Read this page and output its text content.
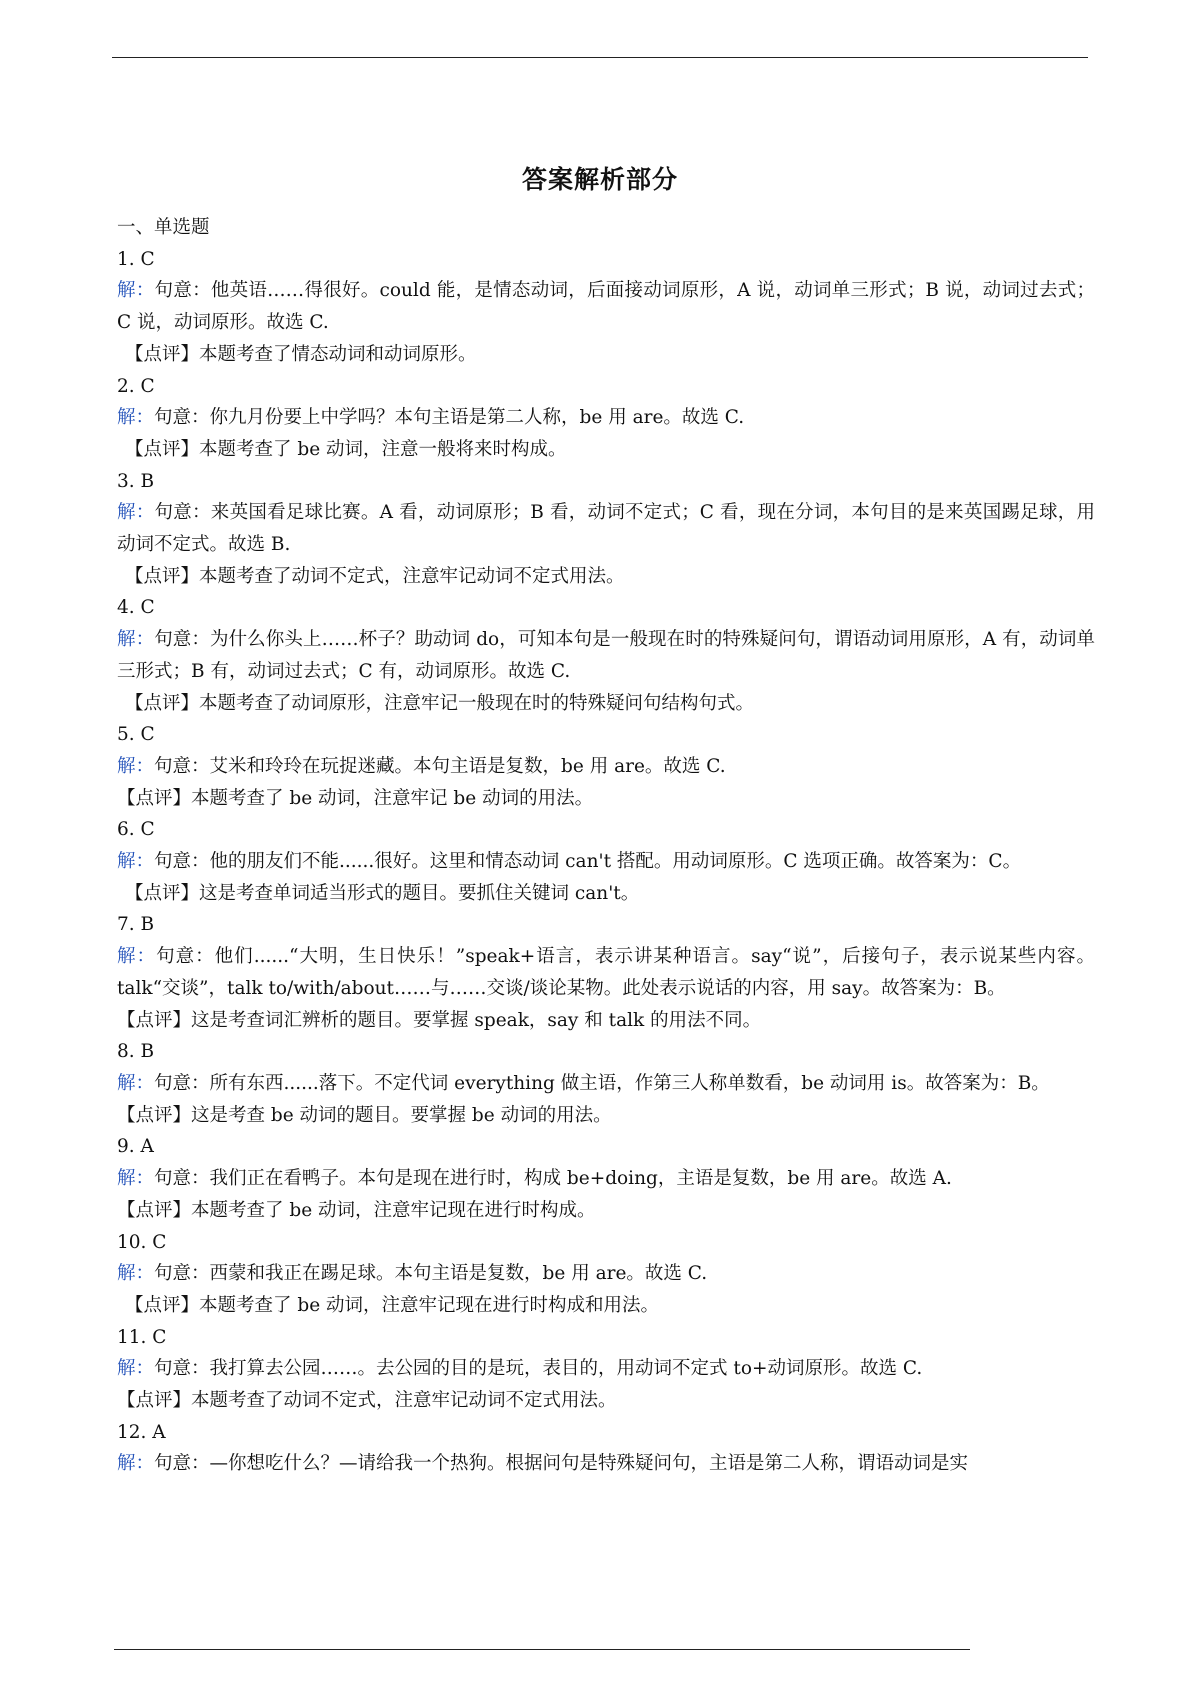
答案解析部分

一、单选题

1. C

解：句意：他英语……得很好。could 能，是情态动词，后面接动词原形，A 说，动词单三形式；B 说，动词过去式；C 说，动词原形。故选 C.

【点评】本题考查了情态动词和动词原形。

2. C

解：句意：你九月份要上中学吗？本句主语是第二人称，be 用 are。故选 C.

【点评】本题考查了 be 动词，注意一般将来时构成。

3. B

解：句意：来英国看足球比赛。A 看，动词原形；B 看，动词不定式；C 看，现在分词，本句目的是来英国踢足球，用动词不定式。故选 B.

【点评】本题考查了动词不定式，注意牢记动词不定式用法。

4. C

解：句意：为什么你头上……杯子？助动词 do，可知本句是一般现在时的特殊疑问句，谓语动词用原形，A 有，动词单三形式；B 有，动词过去式；C 有，动词原形。故选 C.

【点评】本题考查了动词原形，注意牢记一般现在时的特殊疑问句结构句式。

5. C

解：句意：艾米和玲玲在玩捉迷藏。本句主语是复数，be 用 are。故选 C.

【点评】本题考查了 be 动词，注意牢记 be 动词的用法。

6. C

解：句意：他的朋友们不能......很好。这里和情态动词 can't 搭配。用动词原形。C 选项正确。故答案为：C。

【点评】这是考查单词适当形式的题目。要抓住关键词 can't。

7. B

解：句意：他们......“大明，生日快乐！”speak+语言，表示讲某种语言。say“说”，后接句子，表示说某些内容。talk“交谈”，talk to/with/about……与……交谈/谈论某物。此处表示说话的内容，用 say。故答案为：B。

【点评】这是考查词汇辨析的题目。要掌握 speak，say 和 talk 的用法不同。

8. B

解：句意：所有东西......落下。不定代词 everything 做主语，作第三人称单数看，be 动词用 is。故答案为：B。

【点评】这是考查 be 动词的题目。要掌握 be 动词的用法。

9. A

解：句意：我们正在看鸭子。本句是现在进行时，构成 be+doing，主语是复数，be 用 are。故选 A.

【点评】本题考查了 be 动词，注意牢记现在进行时构成。

10. C

解：句意：西蒙和我正在踢足球。本句主语是复数，be 用 are。故选 C.

【点评】本题考查了 be 动词，注意牢记现在进行时构成和用法。

11. C

解：句意：我打算去公园……。去公园的目的是玩，表目的，用动词不定式 to+动词原形。故选 C.

【点评】本题考查了动词不定式，注意牢记动词不定式用法。

12. A

解：句意：—你想吃什么？—请给我一个热狗。根据问句是特殊疑问句，主语是第二人称，谓语动词是实
